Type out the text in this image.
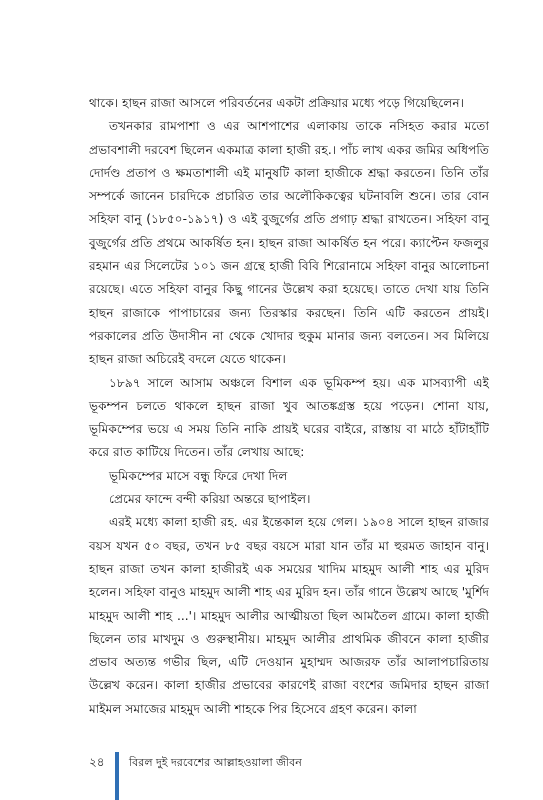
থাকে। হাছন রাজা আসলে পরিবর্তনের একটা প্রক্রিয়ার মধ্যে পড়ে গিয়েছিলেন।

তখনকার রামপাশা ও এর আশপাশের এলাকায় তাকে নসিহত করার মতো প্রভাবশালী দরবেশ ছিলেন একমাত্র কালা হাজী রহ.। পাঁচ লাখ একর জমির অধিপতি দোর্দণ্ড প্রতাপ ও ক্ষমতাশালী এই মানুষটি কালা হাজীকে শ্রদ্ধা করতেন। তিনি তাঁর সম্পর্কে জানেন চারদিকে প্রচারিত তার অলৌকিকত্বের ঘটনাবলি শুনে। তার বোন সহিফা বানু (১৮৫০-১৯১৭) ও এই বুজুর্গের প্রতি প্রগাঢ় শ্রদ্ধা রাখতেন। সহিফা বানু বুজুর্গের প্রতি প্রথমে আকর্ষিত হন। হাছন রাজা আকর্ষিত হন পরে। ক্যাপ্টেন ফজলুর রহমান এর সিলেটের ১০১ জন গ্রন্থে হাজী বিবি শিরোনামে সহিফা বানুর আলোচনা রয়েছে। এতে সহিফা বানুর কিছু গানের উল্লেখ করা হয়েছে। তাতে দেখা যায় তিনি হাছন রাজাকে পাপাচারের জন্য তিরস্কার করছেন। তিনি এটি করতেন প্রায়ই। পরকালের প্রতি উদাসীন না থেকে খোদার হুকুম মানার জন্য বলতেন। সব মিলিয়ে হাছন রাজা অচিরেই বদলে যেতে থাকেন।

১৮৯৭ সালে আসাম অঞ্চলে বিশাল এক ভূমিকম্প হয়। এক মাসব্যাপী এই ভূকম্পন চলতে থাকলে হাছন রাজা খুব আতঙ্কগ্রস্ত হয়ে পড়েন। শোনা যায়, ভূমিকম্পের ভয়ে এ সময় তিনি নাকি প্রায়ই ঘরের বাইরে, রাস্তায় বা মাঠে হাঁটাহাঁটি করে রাত কাটিয়ে দিতেন। তাঁর লেখায় আছে:

ভূমিকম্পের মাসে বন্ধু ফিরে দেখা দিল

প্রেমের ফান্দে বন্দী করিয়া অন্তরে ছাপাইল।

এরই মধ্যে কালা হাজী রহ. এর ইন্তেকাল হয়ে গেল। ১৯০৪ সালে হাছন রাজার বয়স যখন ৫০ বছর, তখন ৮৫ বছর বয়সে মারা যান তাঁর মা হুরমত জাহান বানু। হাছন রাজা তখন কালা হাজীরই এক সময়ের খাদিম মাহমুদ আলী শাহ এর মুরিদ হলেন। সহিফা বানুও মাহমুদ আলী শাহ এর মুরিদ হন। তাঁর গানে উল্লেখ আছে 'মুর্শিদ মাহমুদ আলী শাহ ...'। মাহমুদ আলীর আত্মীয়তা ছিল আমতৈল গ্রামে। কালা হাজী ছিলেন তার মাখদুম ও গুরুস্থানীয়। মাহমুদ আলীর প্রাথমিক জীবনে কালা হাজীর প্রভাব অত্যন্ত গভীর ছিল, এটি দেওয়ান মুহাম্মদ আজরফ তাঁর আলাপচারিতায় উল্লেখ করেন। কালা হাজীর প্রভাবের কারণেই রাজা বংশের জমিদার হাছন রাজা মাইমল সমাজের মাহমুদ আলী শাহকে পির হিসেবে গ্রহণ করেন। কালা

২৪ বিরল দুই দরবেশের আল্লাহওয়ালা জীবন
